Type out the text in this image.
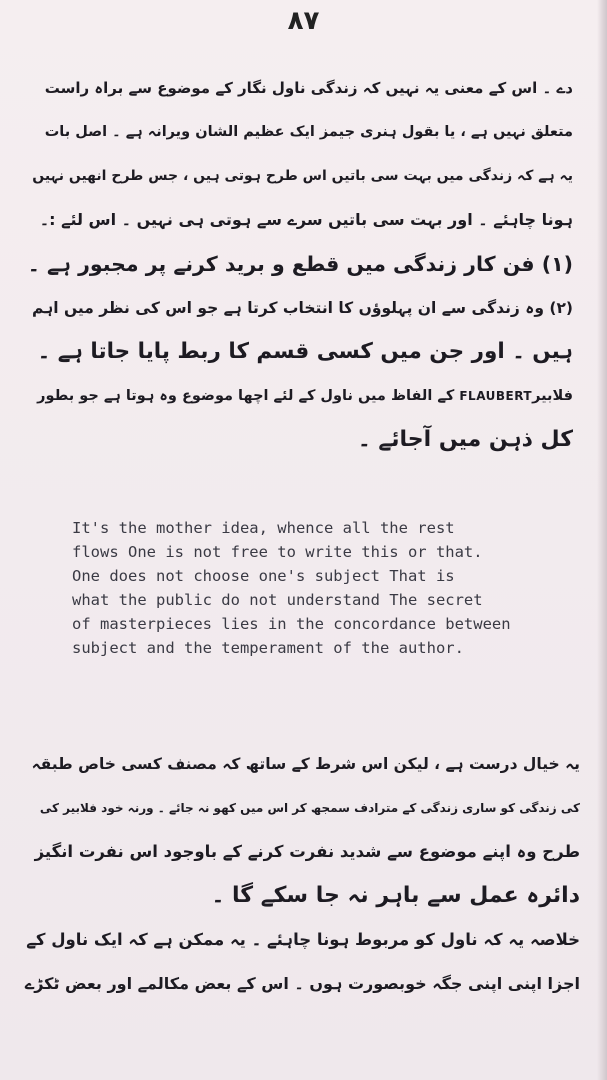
۸۷
دے ۔ اس کے معنی یہ نہیں کہ زندگی ناول نگار کے موضوع سے براہ راست
متعلق نہیں ہے ، یا بقول ہنری جیمز ایک عظیم الشان ویرانہ ہے ۔ اصل بات
یہ ہے کہ زندگی میں بہت سی باتیں اس طرح ہوتی ہیں ، جس طرح انھیں نہیں
ہونا چاہئے ۔ اور بہت سی باتیں سرے سے ہوتی ہی نہیں ۔ اس لئے :۔
(۱) فن کار زندگی میں قطع و برید کرنے پر مجبور ہے ۔
(۲) وہ زندگی سے ان پہلوؤں کا انتخاب کرتا ہے جو اس کی نظر میں اہم
ہیں ۔ اور جن میں کسی قسم کا ربط پایا جاتا ہے ۔
فلابیرFLAUBERT کے الفاظ میں ناول کے لئے اچھا موضوع وہ ہوتا ہے جو بطور
کل ذہن میں آجائے ۔
It's the mother idea, whence all the rest
flows One is not free to write this or that.
One does not choose one's subject That is
what the public do not understand The secret
of masterpieces lies in the concordance between
subject and the temperament of the author.
یہ خیال درست ہے ، لیکن اس شرط کے ساتھ کہ مصنف کسی خاص طبقہ
کی زندگی کو ساری زندگی کے مترادف سمجھ کر اس میں کھو نہ جائے ۔ ورنہ خود فلابیر کی
طرح وہ اپنے موضوع سے شدید نفرت کرنے کے باوجود اس نفرت انگیز
دائرہ عمل سے باہر نہ جا سکے گا ۔
خلاصہ یہ کہ ناول کو مربوط ہونا چاہئے ۔ یہ ممکن ہے کہ ایک ناول کے
اجزا اپنی اپنی جگہ خوبصورت ہوں ۔ اس کے بعض مکالمے اور بعض ٹکڑے
